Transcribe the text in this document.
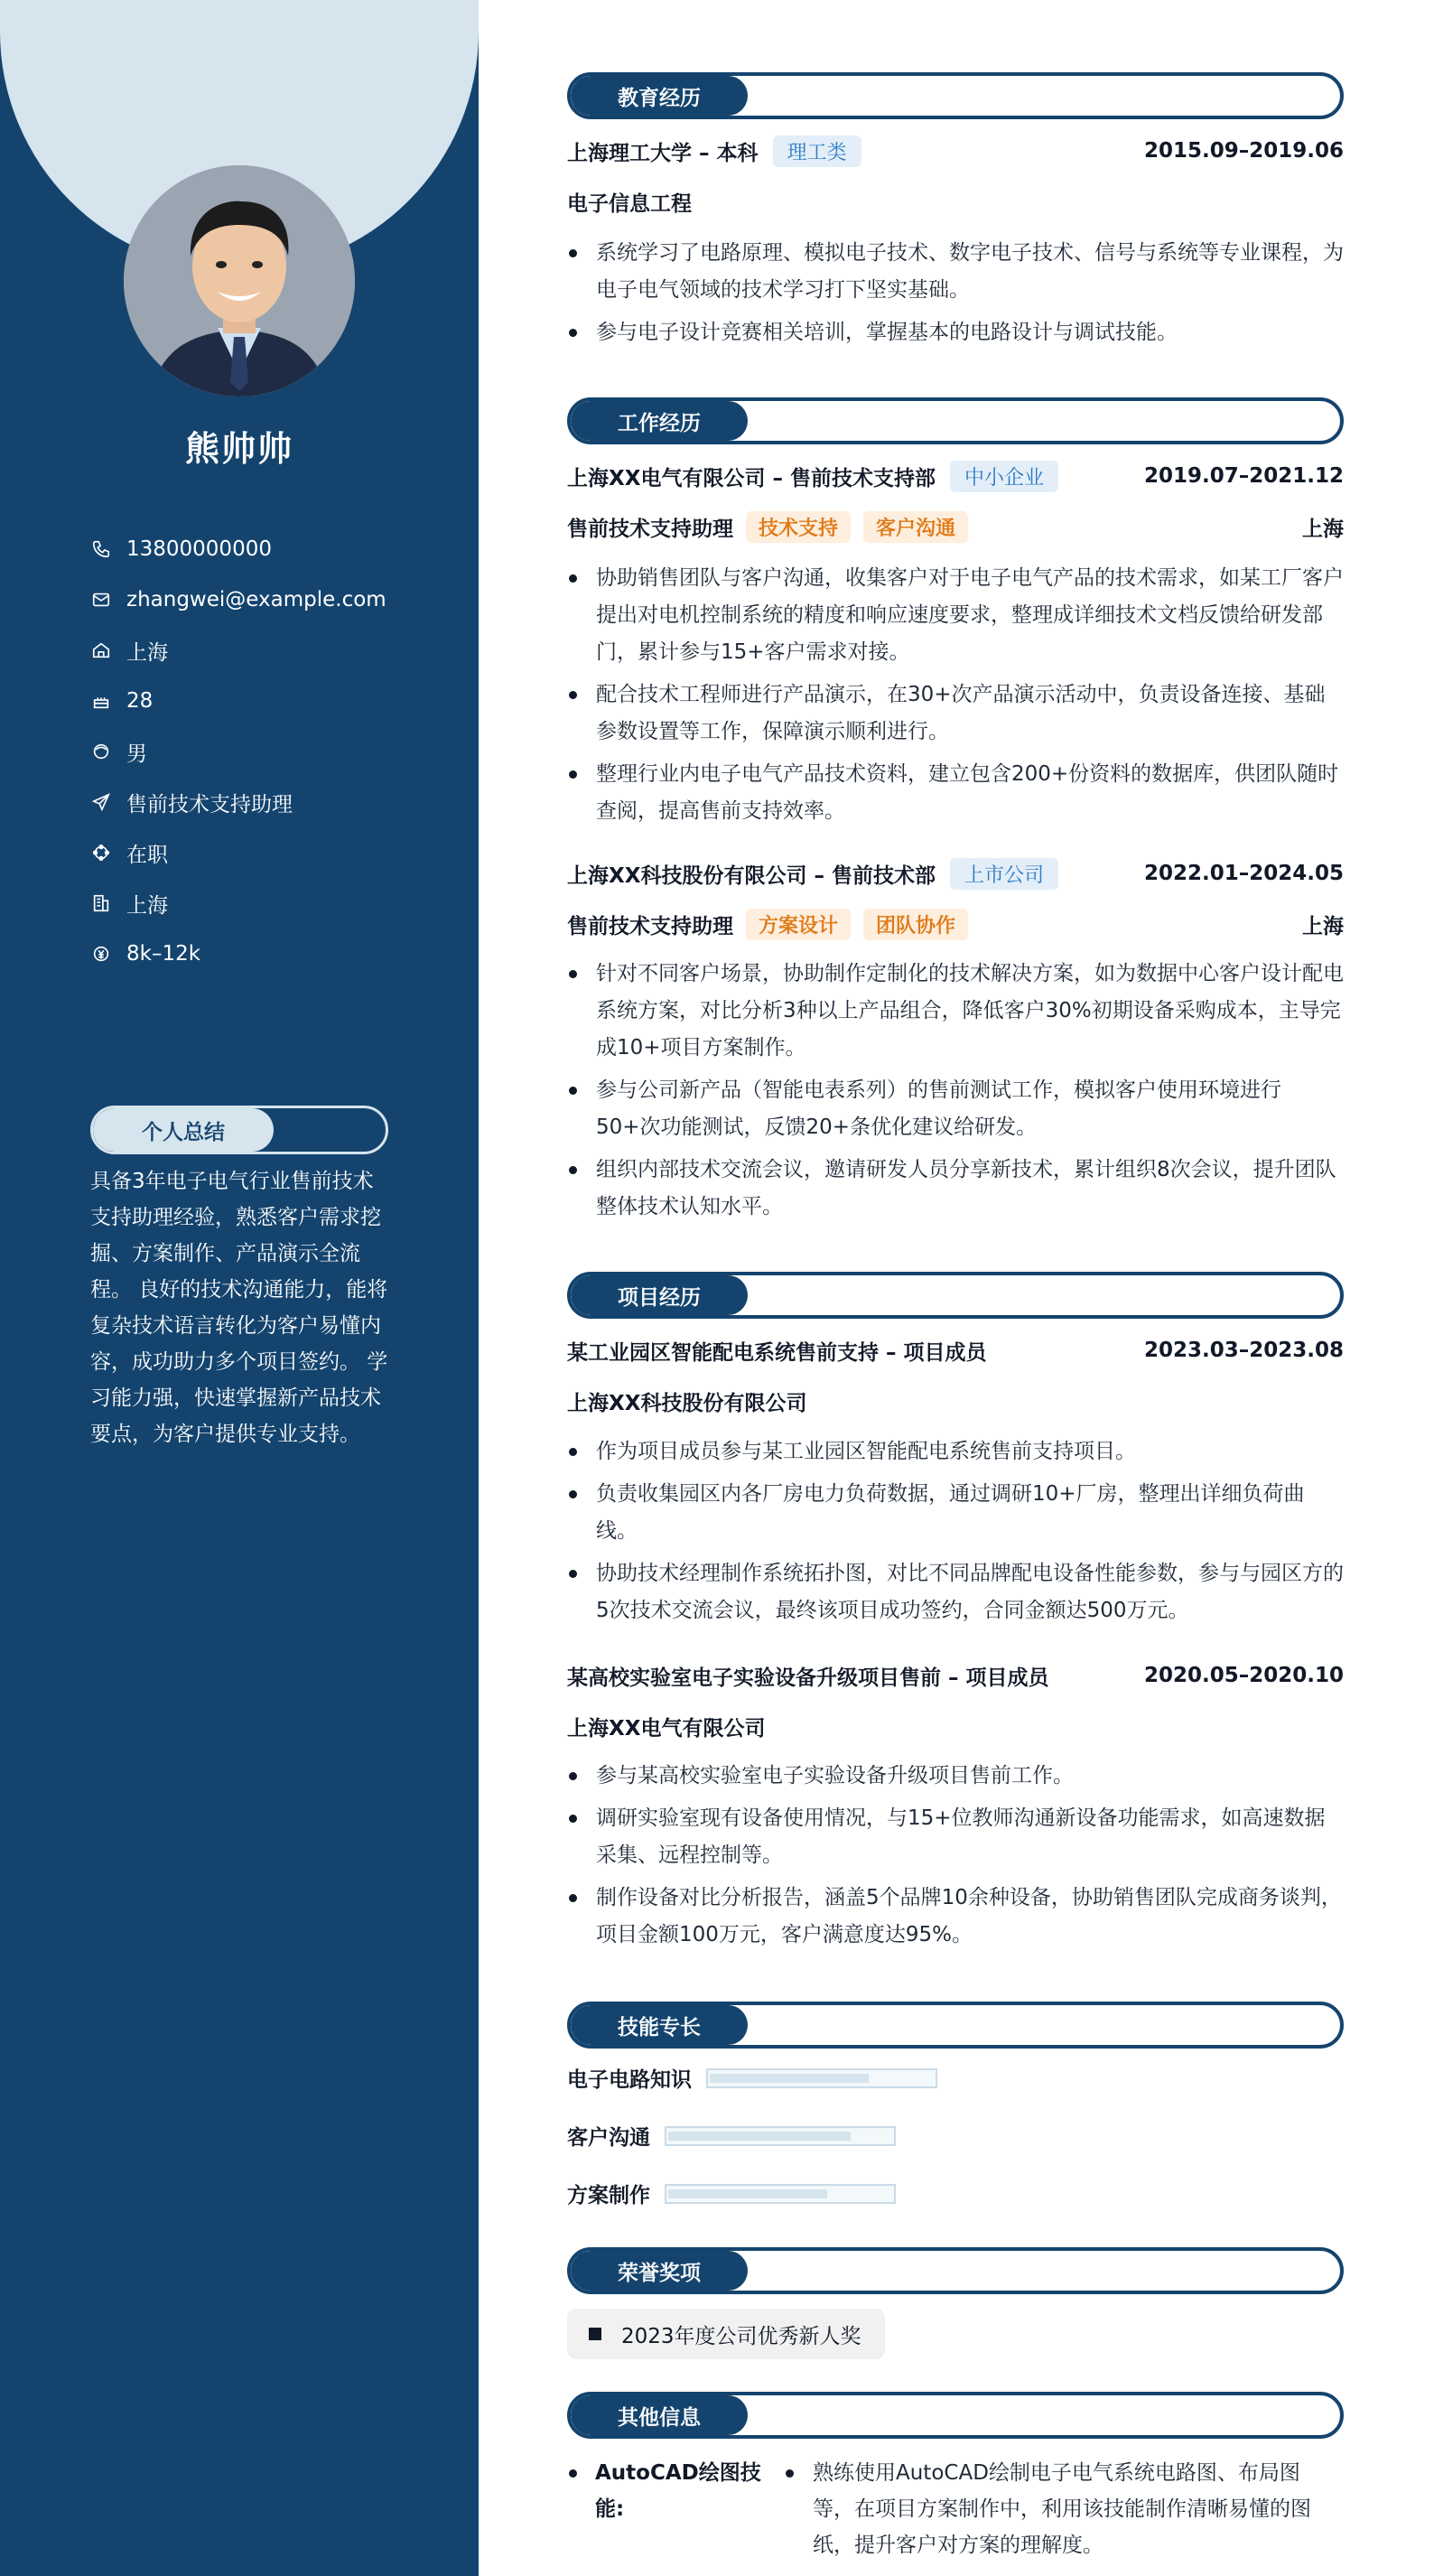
熊帅帅
13800000000
zhangwei@example.com
上海
28
男
售前技术支持助理
在职
上海
8k–12k
个人总结
具备3年电子电气行业售前技术支持助理经验，熟悉客户需求挖掘、方案制作、产品演示全流程。 良好的技术沟通能力，能将复杂技术语言转化为客户易懂内容，成功助力多个项目签约。 学习能力强，快速掌握新产品技术要点，为客户提供专业支持。
教育经历
上海理工大学 – 本科	理工类	2015.09–2019.06
电子信息工程
系统学习了电路原理、模拟电子技术、数字电子技术、信号与系统等专业课程，为电子电气领域的技术学习打下坚实基础。
参与电子设计竞赛相关培训，掌握基本的电路设计与调试技能。
工作经历
上海XX电气有限公司 – 售前技术支持部	中小企业	2019.07–2021.12
售前技术支持助理	技术支持	客户沟通	上海
协助销售团队与客户沟通，收集客户对于电子电气产品的技术需求，如某工厂客户提出对电机控制系统的精度和响应速度要求，整理成详细技术文档反馈给研发部门，累计参与15+客户需求对接。
配合技术工程师进行产品演示，在30+次产品演示活动中，负责设备连接、基础参数设置等工作，保障演示顺利进行。
整理行业内电子电气产品技术资料，建立包含200+份资料的数据库，供团队随时查阅，提高售前支持效率。
上海XX科技股份有限公司 – 售前技术部	上市公司	2022.01–2024.05
售前技术支持助理	方案设计	团队协作	上海
针对不同客户场景，协助制作定制化的技术解决方案，如为数据中心客户设计配电系统方案，对比分析3种以上产品组合，降低客户30%初期设备采购成本，主导完成10+项目方案制作。
参与公司新产品（智能电表系列）的售前测试工作，模拟客户使用环境进行50+次功能测试，反馈20+条优化建议给研发。
组织内部技术交流会议，邀请研发人员分享新技术，累计组织8次会议，提升团队整体技术认知水平。
项目经历
某工业园区智能配电系统售前支持 – 项目成员	2023.03–2023.08
上海XX科技股份有限公司
作为项目成员参与某工业园区智能配电系统售前支持项目。
负责收集园区内各厂房电力负荷数据，通过调研10+厂房，整理出详细负荷曲线。
协助技术经理制作系统拓扑图，对比不同品牌配电设备性能参数，参与与园区方的5次技术交流会议，最终该项目成功签约，合同金额达500万元。
某高校实验室电子实验设备升级项目售前 – 项目成员	2020.05–2020.10
上海XX电气有限公司
参与某高校实验室电子实验设备升级项目售前工作。
调研实验室现有设备使用情况，与15+位教师沟通新设备功能需求，如高速数据采集、远程控制等。
制作设备对比分析报告，涵盖5个品牌10余种设备，协助销售团队完成商务谈判，项目金额100万元，客户满意度达95%。
技能专长
电子电路知识
客户沟通
方案制作
荣誉奖项
2023年度公司优秀新人奖
其他信息
AutoCAD绘图技能:
熟练使用AutoCAD绘制电子电气系统电路图、布局图等，在项目方案制作中，利用该技能制作清晰易懂的图纸，提升客户对方案的理解度。
